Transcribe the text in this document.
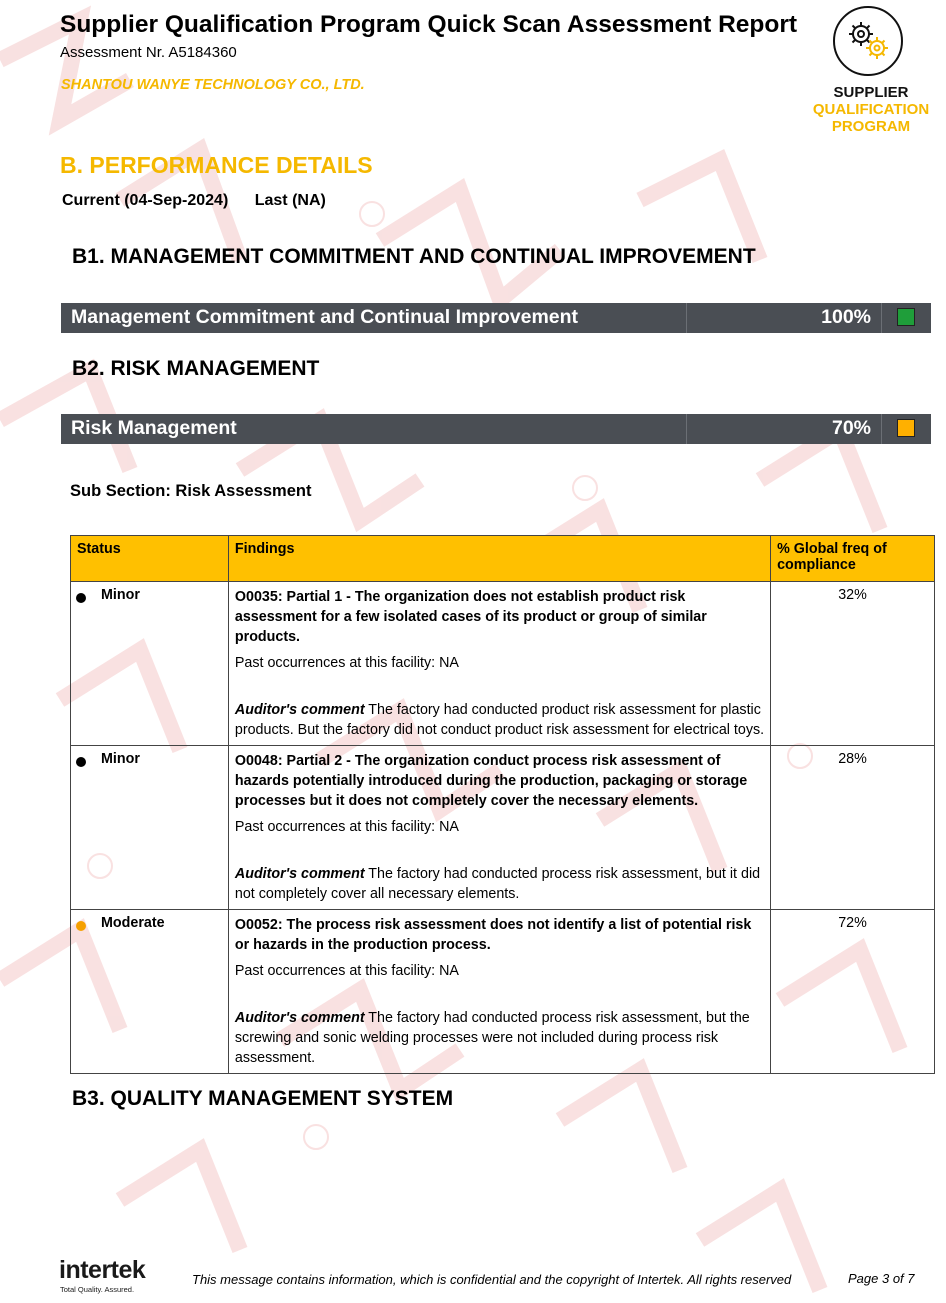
Supplier Qualification Program Quick Scan Assessment Report
Assessment Nr. A5184360
SHANTOU WANYE TECHNOLOGY CO., LTD.	SUPPLIER
QUALIFICATION
PROGRAM
B. PERFORMANCE DETAILS
Current (04-Sep-2024) Last (NA)
B1. MANAGEMENT COMMITMENT AND CONTINUAL IMPROVEMENT
Management Commitment and Continual Improvement	100%
B2. RISK MANAGEMENT
Risk Management	70%
Sub Section: Risk Assessment
Status	Findings	% Global freq of compliance

Minor	O0035: Partial 1 - The organization does not establish product risk assessment for a few isolated cases of its product or group of similar products.
Past occurrences at this facility: NA
Auditor's comment The factory had conducted product risk assessment for plastic products. But the factory did not conduct product risk assessment for electrical toys.	32%

Minor	O0048: Partial 2 - The organization conduct process risk assessment of hazards potentially introduced during the production, packaging or storage processes but it does not completely cover the necessary elements.
Past occurrences at this facility: NA
Auditor's comment The factory had conducted process risk assessment, but it did not completely cover all necessary elements.	28%

Moderate	O0052: The process risk assessment does not identify a list of potential risk or hazards in the production process.
Past occurrences at this facility: NA
Auditor's comment The factory had conducted process risk assessment, but the screwing and sonic welding processes were not included during process risk assessment.	72%
B3. QUALITY MANAGEMENT SYSTEM
intertek
Total Quality. Assured.
This message contains information, which is confidential and the copyright of Intertek. All rights reserved	Page 3 of 7
